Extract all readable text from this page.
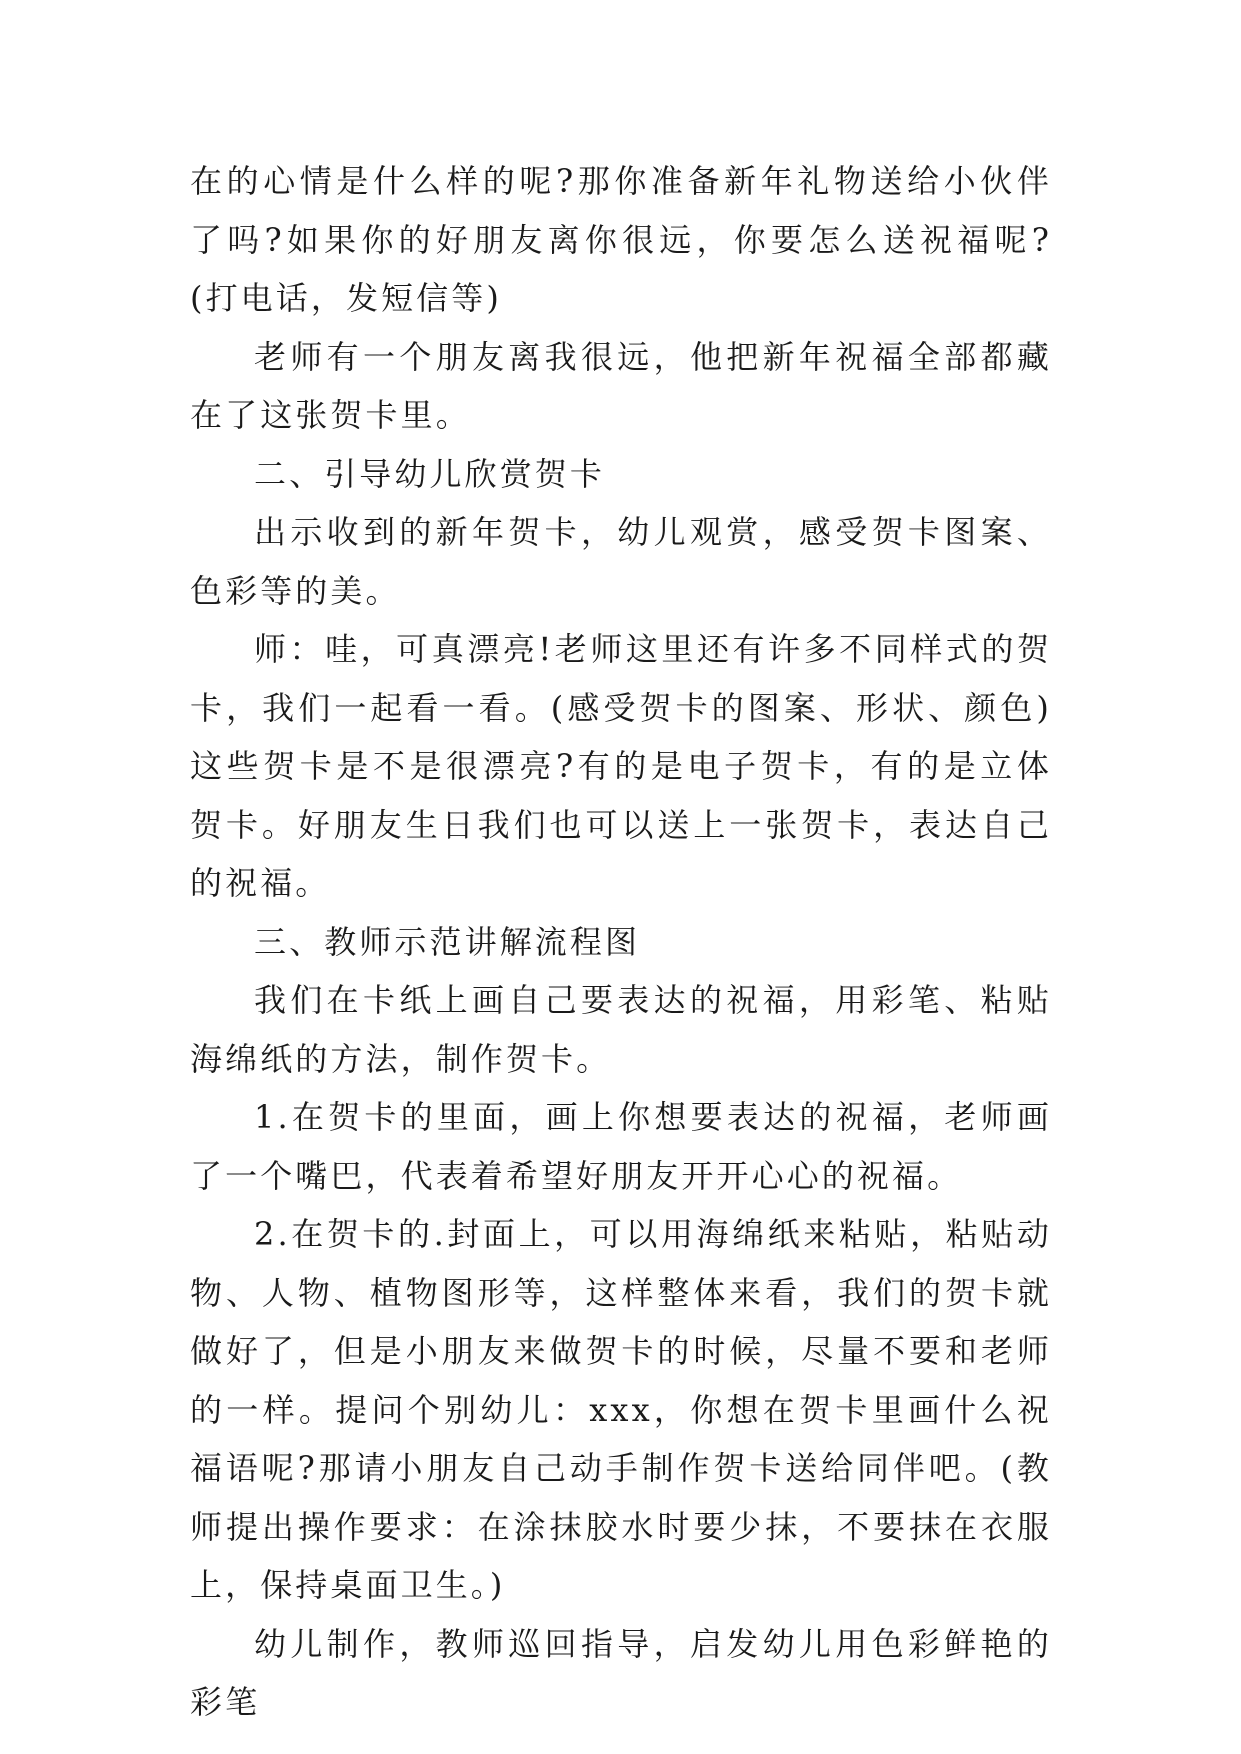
在的心情是什么样的呢?那你准备新年礼物送给小伙伴了吗?如果你的好朋友离你很远，你要怎么送祝福呢?(打电话，发短信等)

老师有一个朋友离我很远，他把新年祝福全部都藏在了这张贺卡里。

二、引导幼儿欣赏贺卡

出示收到的新年贺卡，幼儿观赏，感受贺卡图案、色彩等的美。

师：哇，可真漂亮!老师这里还有许多不同样式的贺卡，我们一起看一看。(感受贺卡的图案、形状、颜色)这些贺卡是不是很漂亮?有的是电子贺卡，有的是立体贺卡。好朋友生日我们也可以送上一张贺卡，表达自己的祝福。

三、教师示范讲解流程图

我们在卡纸上画自己要表达的祝福，用彩笔、粘贴海绵纸的方法，制作贺卡。

1.在贺卡的里面，画上你想要表达的祝福，老师画了一个嘴巴，代表着希望好朋友开开心心的祝福。

2.在贺卡的.封面上，可以用海绵纸来粘贴，粘贴动物、人物、植物图形等，这样整体来看，我们的贺卡就做好了，但是小朋友来做贺卡的时候，尽量不要和老师的一样。提问个别幼儿：xxx，你想在贺卡里画什么祝福语呢?那请小朋友自己动手制作贺卡送给同伴吧。(教师提出操作要求：在涂抹胶水时要少抹，不要抹在衣服上，保持桌面卫生。)

幼儿制作，教师巡回指导，启发幼儿用色彩鲜艳的彩笔
